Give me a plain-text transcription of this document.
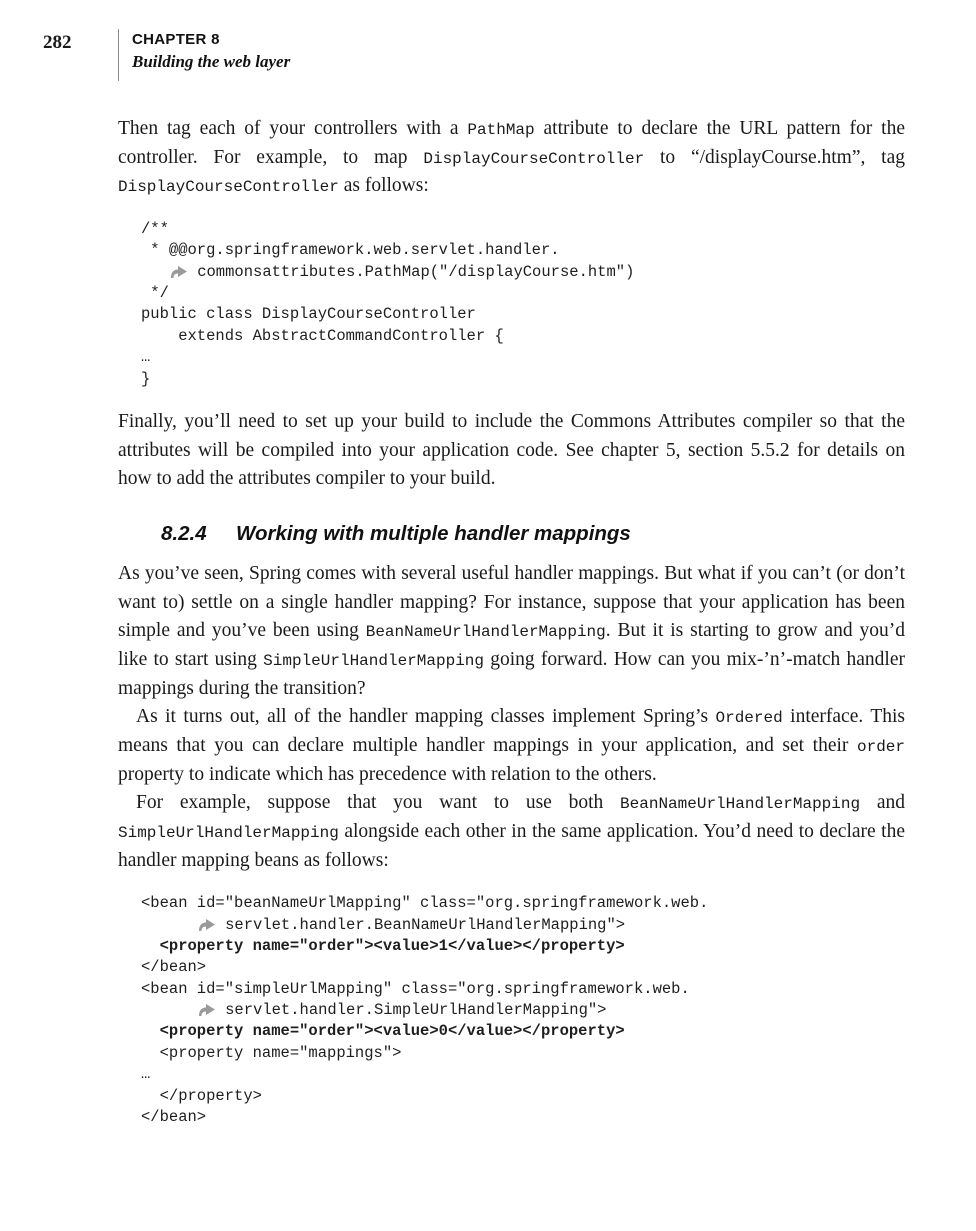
282	CHAPTER 8
Building the web layer

Then tag each of your controllers with a PathMap attribute to declare the URL pattern for the controller. For example, to map DisplayCourseController to “/displayCourse.htm”, tag DisplayCourseController as follows:

/**
* @@org.springframework.web.servlet.handler.
commonsattributes.PathMap("/displayCourse.htm")
*/
public class DisplayCourseController
extends AbstractCommandController {
…
}

Finally, you’ll need to set up your build to include the Commons Attributes compiler so that the attributes will be compiled into your application code. See chapter 5, section 5.5.2 for details on how to add the attributes compiler to your build.

8.2.4	Working with multiple handler mappings

As you’ve seen, Spring comes with several useful handler mappings. But what if you can’t (or don’t want to) settle on a single handler mapping? For instance, suppose that your application has been simple and you’ve been using BeanNameUrlHandlerMapping. But it is starting to grow and you’d like to start using SimpleUrlHandlerMapping going forward. How can you mix-’n’-match handler mappings during the transition?

As it turns out, all of the handler mapping classes implement Spring’s Ordered interface. This means that you can declare multiple handler mappings in your application, and set their order property to indicate which has precedence with relation to the others.

For example, suppose that you want to use both BeanNameUrlHandlerMapping and SimpleUrlHandlerMapping alongside each other in the same application. You’d need to declare the handler mapping beans as follows:

<bean id="beanNameUrlMapping" class="org.springframework.web.
servlet.handler.BeanNameUrlHandlerMapping">
<property name="order"><value>1</value></property>
</bean>
<bean id="simpleUrlMapping" class="org.springframework.web.
servlet.handler.SimpleUrlHandlerMapping">
<property name="order"><value>0</value></property>
<property name="mappings">
…
</property>
</bean>
